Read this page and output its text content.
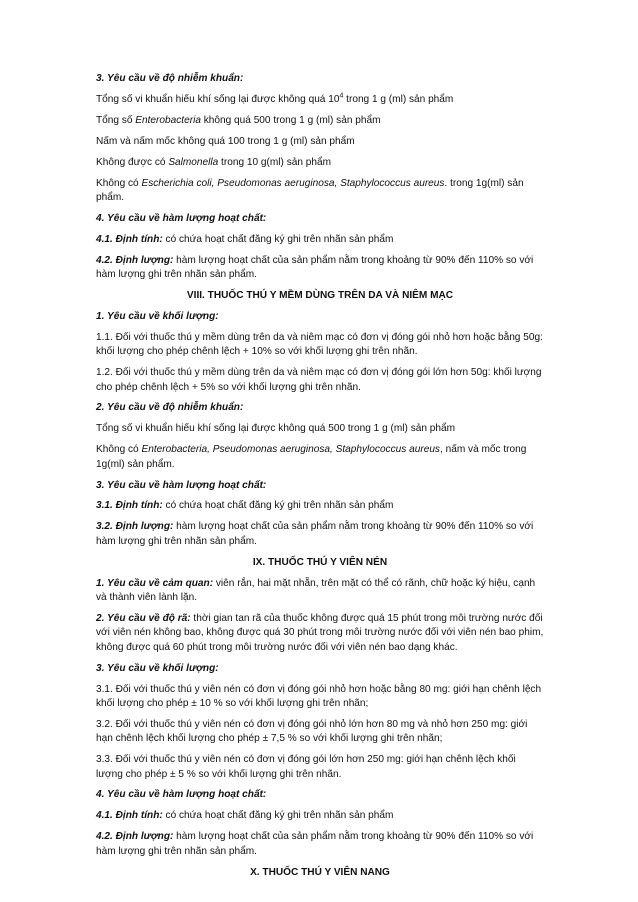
3. Yêu cầu về độ nhiễm khuẩn:

Tổng số vi khuẩn hiếu khí sống lại được không quá $10^4$ trong 1 g (ml) sản phẩm

Tổng số Enterobacteria không quá 500 trong 1 g (ml) sản phẩm

Nấm và nấm mốc không quá 100 trong 1 g (ml) sản phẩm

Không được có Salmonella trong 10 g(ml) sản phẩm

Không có Escherichia coli, Pseudomonas aeruginosa, Staphylococcus aureus. trong 1g(ml) sản phẩm.

4. Yêu cầu về hàm lượng hoạt chất:

4.1. Định tính: có chứa hoạt chất đăng ký ghi trên nhãn sản phẩm

4.2. Định lượng: hàm lượng hoạt chất của sản phẩm nằm trong khoảng từ 90% đến 110% so với hàm lượng ghi trên nhãn sản phẩm.

VIII. THUỐC THÚ Y MỀM DÙNG TRÊN DA VÀ NIÊM MẠC

1. Yêu cầu về khối lượng:

1.1. Đối với thuốc thú y mềm dùng trên da và niêm mạc có đơn vị đóng gói nhỏ hơn hoặc bằng 50g: khối lượng cho phép chênh lệch + 10% so với khối lượng ghi trên nhãn.

1.2. Đối với thuốc thú y mềm dùng trên da và niêm mạc có đơn vị đóng gói lớn hơn 50g: khối lượng cho phép chênh lệch + 5% so với khối lượng ghi trên nhãn.

2. Yêu cầu về độ nhiễm khuẩn:

Tổng số vi khuẩn hiếu khí sống lại được không quá 500 trong 1 g (ml) sản phẩm

Không có Enterobacteria, Pseudomonas aeruginosa, Staphylococcus aureus, nấm và mốc trong 1g(ml) sản phẩm.

3. Yêu cầu về hàm lượng hoạt chất:

3.1. Định tính: có chứa hoạt chất đăng ký ghi trên nhãn sản phẩm

3.2. Định lượng: hàm lượng hoạt chất của sản phẩm nằm trong khoảng từ 90% đến 110% so với hàm lượng ghi trên nhãn sản phẩm.

IX. THUỐC THÚ Y VIÊN NÉN

1. Yêu cầu về cảm quan: viên rắn, hai mặt nhẵn, trên mặt có thể có rãnh, chữ hoặc ký hiệu, cạnh và thành viên lành lặn.

2. Yêu cầu về độ rã: thời gian tan rã của thuốc không được quá 15 phút trong môi trường nước đối với viên nén không bao, không được quá 30 phút trong môi trường nước đối với viên nén bao phim, không được quá 60 phút trong môi trường nước đối với viên nén bao dạng khác.

3. Yêu cầu về khối lượng:

3.1. Đối với thuốc thú y viên nén có đơn vị đóng gói nhỏ hơn hoặc bằng 80 mg: giới hạn chênh lệch khối lượng cho phép ± 10 % so với khối lượng ghi trên nhãn;

3.2. Đối với thuốc thú y viên nén có đơn vị đóng gói nhỏ lớn hơn 80 mg và nhỏ hơn 250 mg: giới hạn chênh lệch khối lượng cho phép ± 7,5 % so với khối lượng ghi trên nhãn;

3.3. Đối với thuốc thú y viên nén có đơn vị đóng gói lớn hơn 250 mg: giới hạn chênh lệch khối lượng cho phép ± 5 % so với khối lượng ghi trên nhãn.

4. Yêu cầu về hàm lượng hoạt chất:

4.1. Định tính: có chứa hoạt chất đăng ký ghi trên nhãn sản phẩm

4.2. Định lượng: hàm lượng hoạt chất của sản phẩm nằm trong khoảng từ 90% đến 110% so với hàm lượng ghi trên nhãn sản phẩm.

X. THUỐC THÚ Y VIÊN NANG
